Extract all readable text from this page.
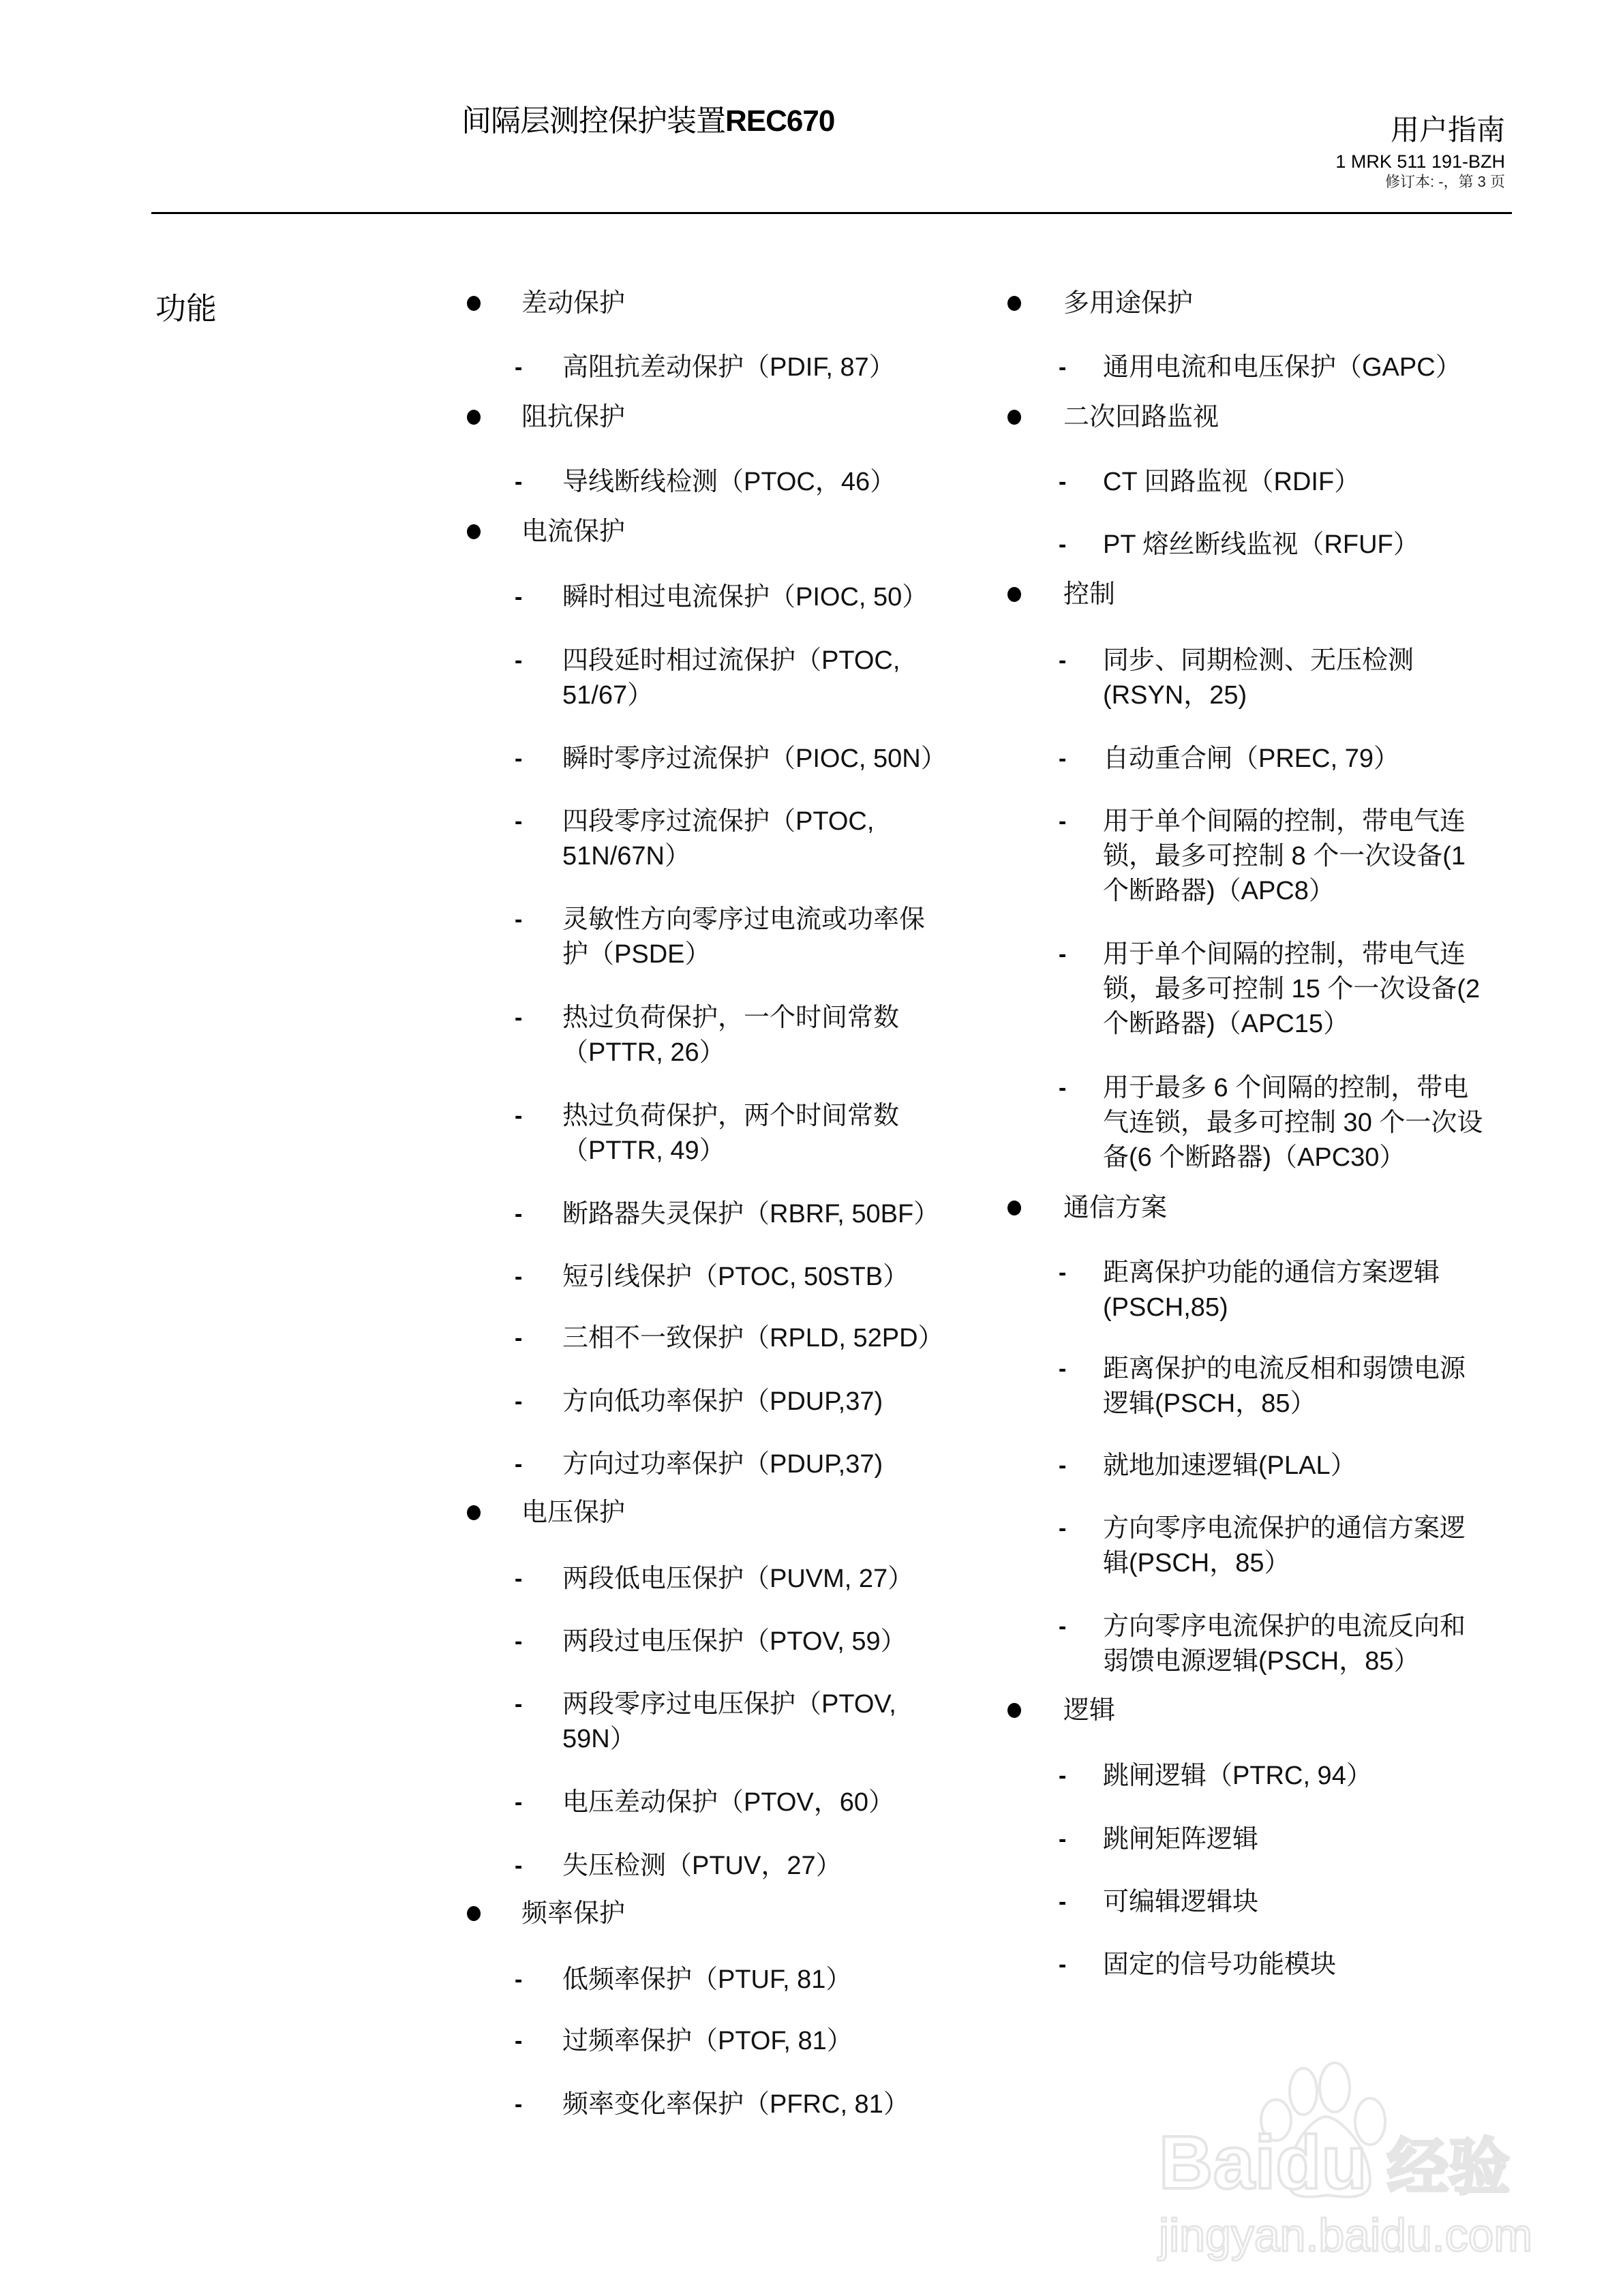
间隔层测控保护装置REC670	用户指南
1 MRK 511 191-BZH
修订本: -，第 3 页
功能	差动保护
- 高阻抗差动保护（PDIF, 87）
阻抗保护
- 导线断线检测（PTOC，46）
电流保护
- 瞬时相过电流保护（PIOC, 50）
- 四段延时相过流保护（PTOC,
51/67）
- 瞬时零序过流保护（PIOC, 50N）
- 四段零序过流保护（PTOC,
51N/67N）
- 灵敏性方向零序过电流或功率保
护（PSDE）
- 热过负荷保护，一个时间常数
（PTTR, 26）
- 热过负荷保护，两个时间常数
（PTTR, 49）
- 断路器失灵保护（RBRF, 50BF）
- 短引线保护（PTOC, 50STB）
- 三相不一致保护（RPLD, 52PD）
- 方向低功率保护（PDUP,37)
- 方向过功率保护（PDUP,37)
电压保护
- 两段低电压保护（PUVM, 27）
- 两段过电压保护（PTOV, 59）
- 两段零序过电压保护（PTOV,
59N）
- 电压差动保护（PTOV，60）
- 失压检测（PTUV，27）
频率保护
- 低频率保护（PTUF, 81）
- 过频率保护（PTOF, 81）
- 频率变化率保护（PFRC, 81）
多用途保护
- 通用电流和电压保护（GAPC）
二次回路监视
- CT 回路监视（RDIF）
- PT 熔丝断线监视（RFUF）
控制
- 同步、同期检测、无压检测
(RSYN，25)
- 自动重合闸（PREC, 79）
- 用于单个间隔的控制，带电气连
锁，最多可控制 8 个一次设备(1
个断路器)（APC8）
- 用于单个间隔的控制，带电气连
锁，最多可控制 15 个一次设备(2
个断路器)（APC15）
- 用于最多 6 个间隔的控制，带电
气连锁，最多可控制 30 个一次设
备(6 个断路器)（APC30）
通信方案
- 距离保护功能的通信方案逻辑
(PSCH,85)
- 距离保护的电流反相和弱馈电源
逻辑(PSCH，85）
- 就地加速逻辑(PLAL）
- 方向零序电流保护的通信方案逻
辑(PSCH，85）
- 方向零序电流保护的电流反向和
弱馈电源逻辑(PSCH，85）
逻辑
- 跳闸逻辑（PTRC, 94）
- 跳闸矩阵逻辑
- 可编辑逻辑块
- 固定的信号功能模块
Baidu 经验
jingyan.baidu.com
